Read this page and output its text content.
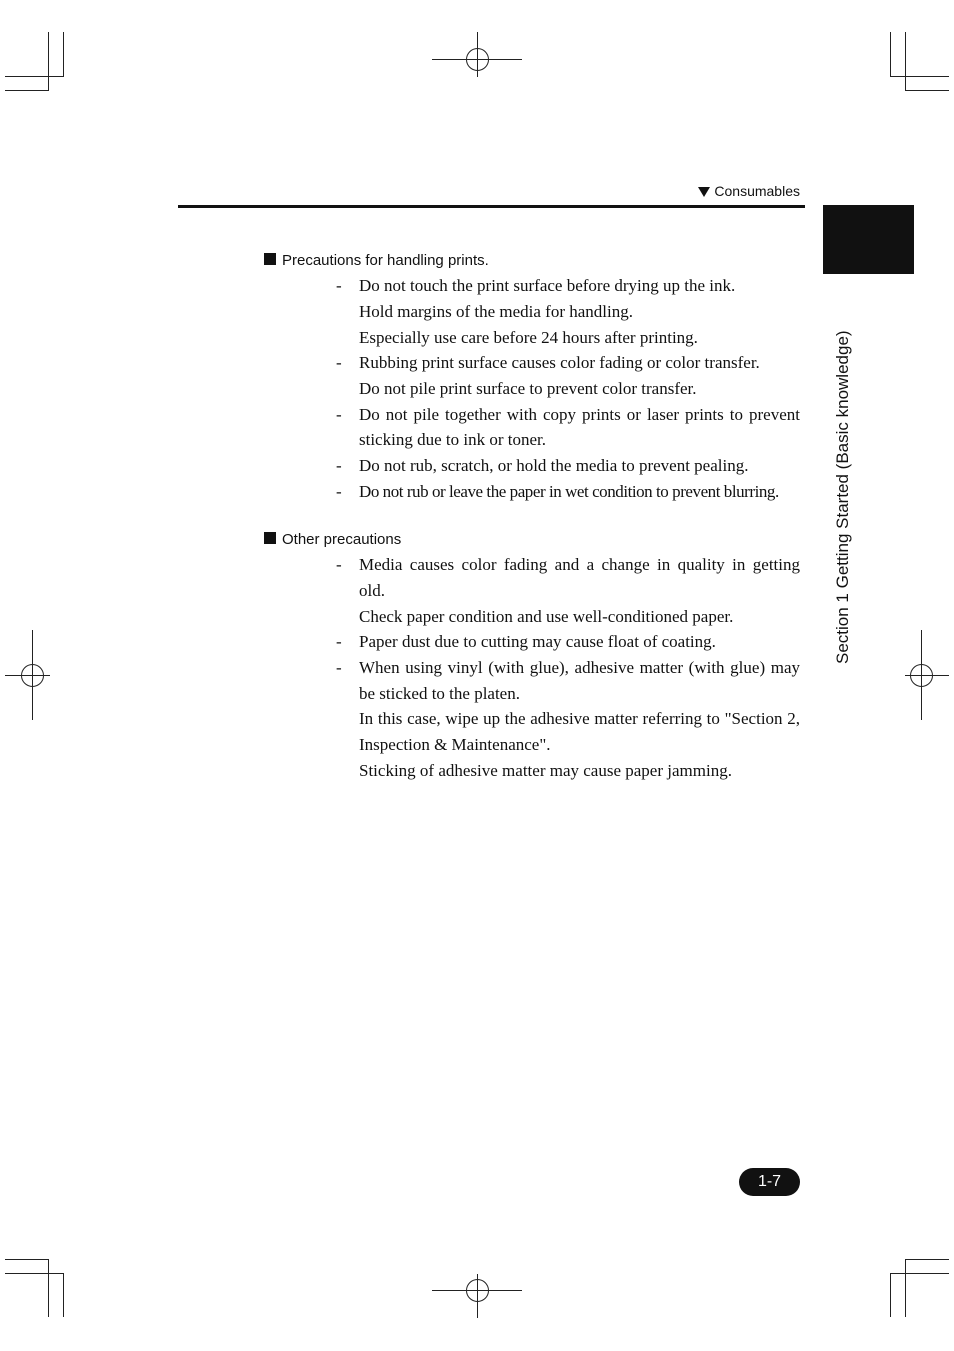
Consumables
Section 1 Getting Started (Basic knowledge)
Precautions for handling prints.
- Do not touch the print surface before drying up the ink.
Hold margins of the media for handling.
Especially use care before 24 hours after printing.
- Rubbing print surface causes color fading or color transfer.
Do not pile print surface to prevent color transfer.
- Do not pile together with copy prints or laser prints to prevent
sticking due to ink or toner.
- Do not rub, scratch, or hold the media to prevent pealing.
- Do not rub or leave the paper in wet condition to prevent blurring.
Other precautions
- Media causes color fading and a change in quality in getting
old.
Check paper condition and use well-conditioned paper.
- Paper dust due to cutting may cause float of coating.
- When using vinyl (with glue), adhesive matter (with glue) may
be sticked to the platen.
In this case, wipe up the adhesive matter referring to "Section 2,
Inspection & Maintenance".
Sticking of adhesive matter may cause paper jamming.
1-7
